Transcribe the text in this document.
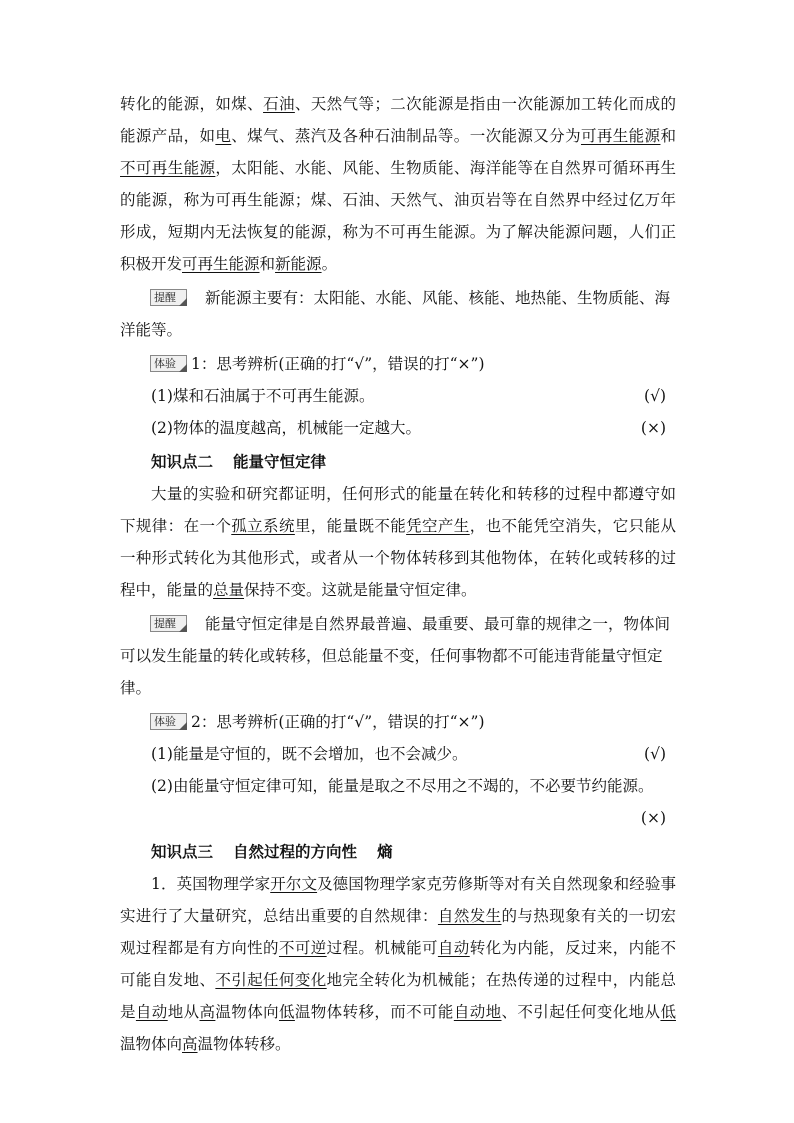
转化的能源，如煤、石油、天然气等；二次能源是指由一次能源加工转化而成的能源产品，如电、煤气、蒸汽及各种石油制品等。一次能源又分为可再生能源和不可再生能源，太阳能、水能、风能、生物质能、海洋能等在自然界可循环再生的能源，称为可再生能源；煤、石油、天然气、油页岩等在自然界中经过亿万年形成，短期内无法恢复的能源，称为不可再生能源。为了解决能源问题，人们正积极开发可再生能源和新能源。

提醒 新能源主要有：太阳能、水能、风能、核能、地热能、生物质能、海洋能等。

体验 1：思考辨析(正确的打“√”，错误的打“×”)

(1)煤和石油属于不可再生能源。	(√)

(2)物体的温度越高，机械能一定越大。	(×)

知识点二 能量守恒定律

大量的实验和研究都证明，任何形式的能量在转化和转移的过程中都遵守如下规律：在一个孤立系统里，能量既不能凭空产生，也不能凭空消失，它只能从一种形式转化为其他形式，或者从一个物体转移到其他物体，在转化或转移的过程中，能量的总量保持不变。这就是能量守恒定律。

提醒 能量守恒定律是自然界最普遍、最重要、最可靠的规律之一，物体间可以发生能量的转化或转移，但总能量不变，任何事物都不可能违背能量守恒定律。

体验 2：思考辨析(正确的打“√”，错误的打“×”)

(1)能量是守恒的，既不会增加，也不会减少。	(√)

(2)由能量守恒定律可知，能量是取之不尽用之不竭的，不必要节约能源。

(×)

知识点三 自然过程的方向性 熵

1．英国物理学家开尔文及德国物理学家克劳修斯等对有关自然现象和经验事实进行了大量研究，总结出重要的自然规律：自然发生的与热现象有关的一切宏观过程都是有方向性的不可逆过程。机械能可自动转化为内能，反过来，内能不可能自发地、不引起任何变化地完全转化为机械能；在热传递的过程中，内能总是自动地从高温物体向低温物体转移，而不可能自动地、不引起任何变化地从低温物体向高温物体转移。
